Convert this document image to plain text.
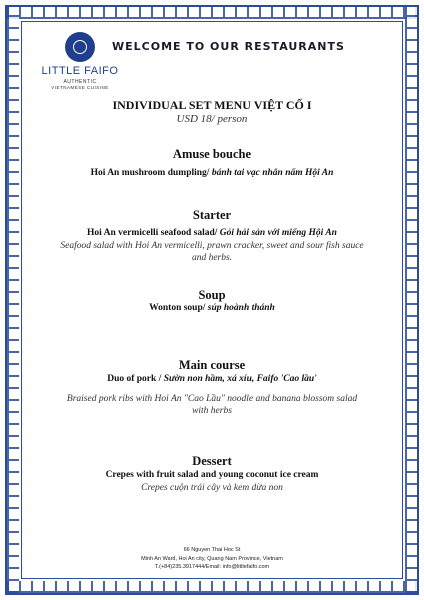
LITTLE FAIFO
AUTHENTIC
VIETNAMESE CUISINE
WELCOME TO OUR RESTAURANTS
INDIVIDUAL SET MENU VIỆT CỔ I
USD 18/ person
Amuse bouche
Hoi An mushroom dumpling/ bánh tai vạc nhân nấm Hội An
Starter
Hoi An vermicelli seafood salad/ Gỏi hải sản với miếng Hội An
Seafood salad with Hoi An vermicelli, prawn cracker, sweet and sour fish sauce and herbs.
Soup
Wonton soup/ súp hoành thánh
Main course
Duo of pork / Sườn non hầm, xá xíu, Faifo 'Cao lầu'
Braised pork ribs with Hoi An "Cao Lầu" noodle and banana blossom salad with herbs
Dessert
Crepes with fruit salad and young coconut ice cream
Crepes cuộn trái cây và kem dừa non
66 Nguyen Thai Hoc St
Minh An Ward, Hoi An city, Quang Nam Province, Vietnam
T.(+84)235.3917444/Email: info@littlefaifo.com
